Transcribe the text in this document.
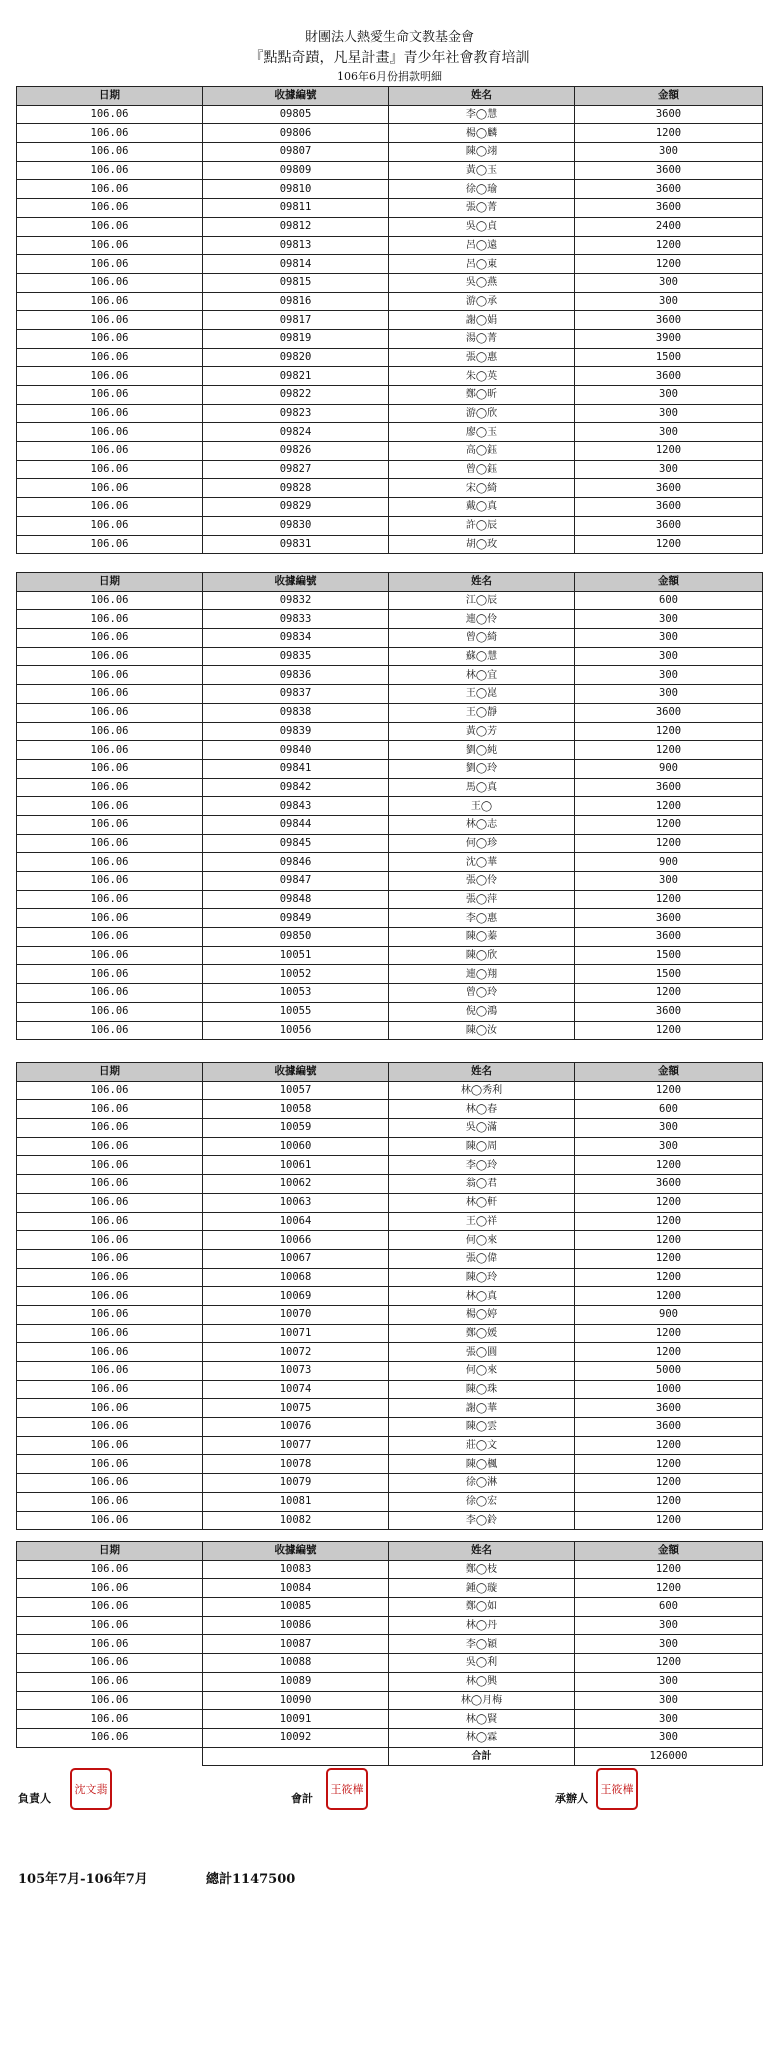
財團法人熱愛生命文教基金會
『點點奇蹟，凡星計畫』青少年社會教育培訓
106年6月份捐款明細
日期	收據編號	姓名	金額
106.06	09805	李◯慧	3600
106.06	09806	楊◯麟	1200
106.06	09807	陳◯翊	300
106.06	09809	黃◯玉	3600
106.06	09810	徐◯瑜	3600
106.06	09811	張◯菁	3600
106.06	09812	吳◯貞	2400
106.06	09813	呂◯遠	1200
106.06	09814	呂◯東	1200
106.06	09815	吳◯燕	300
106.06	09816	游◯承	300
106.06	09817	謝◯娟	3600
106.06	09819	湯◯菁	3900
106.06	09820	張◯惠	1500
106.06	09821	朱◯英	3600
106.06	09822	鄭◯昕	300
106.06	09823	游◯欣	300
106.06	09824	廖◯玉	300
106.06	09826	高◯鈺	1200
106.06	09827	曾◯鈺	300
106.06	09828	宋◯綺	3600
106.06	09829	戴◯真	3600
106.06	09830	許◯辰	3600
106.06	09831	胡◯玫	1200
日期	收據編號	姓名	金額
106.06	09832	江◯辰	600
106.06	09833	連◯伶	300
106.06	09834	曾◯綺	300
106.06	09835	蘇◯慧	300
106.06	09836	林◯宜	300
106.06	09837	王◯崑	300
106.06	09838	王◯靜	3600
106.06	09839	黃◯芳	1200
106.06	09840	劉◯純	1200
106.06	09841	劉◯玲	900
106.06	09842	馬◯真	3600
106.06	09843	王◯	1200
106.06	09844	林◯志	1200
106.06	09845	何◯珍	1200
106.06	09846	沈◯華	900
106.06	09847	張◯伶	300
106.06	09848	張◯萍	1200
106.06	09849	李◯惠	3600
106.06	09850	陳◯蓁	3600
106.06	10051	陳◯欣	1500
106.06	10052	連◯翔	1500
106.06	10053	曾◯玲	1200
106.06	10055	倪◯鴻	3600
106.06	10056	陳◯汝	1200
日期	收據編號	姓名	金額
106.06	10057	林◯秀利	1200
106.06	10058	林◯春	600
106.06	10059	吳◯滿	300
106.06	10060	陳◯周	300
106.06	10061	李◯玲	1200
106.06	10062	翁◯君	3600
106.06	10063	林◯軒	1200
106.06	10064	王◯祥	1200
106.06	10066	何◯來	1200
106.06	10067	張◯偉	1200
106.06	10068	陳◯玲	1200
106.06	10069	林◯真	1200
106.06	10070	楊◯婷	900
106.06	10071	鄭◯媛	1200
106.06	10072	張◯圓	1200
106.06	10073	何◯來	5000
106.06	10074	陳◯珠	1000
106.06	10075	謝◯華	3600
106.06	10076	陳◯雲	3600
106.06	10077	莊◯文	1200
106.06	10078	陳◯楓	1200
106.06	10079	徐◯淋	1200
106.06	10081	徐◯宏	1200
106.06	10082	李◯鈴	1200
日期	收據編號	姓名	金額
106.06	10083	鄭◯枝	1200
106.06	10084	鍾◯璇	1200
106.06	10085	鄭◯如	600
106.06	10086	林◯丹	300
106.06	10087	李◯穎	300
106.06	10088	吳◯利	1200
106.06	10089	林◯興	300
106.06	10090	林◯月梅	300
106.06	10091	林◯賢	300
106.06	10092	林◯霖	300
		合計	126000
負責人
沈文翡
會計
王筱樺
承辦人
王筱樺
105年7月-106年7月	總計1147500
